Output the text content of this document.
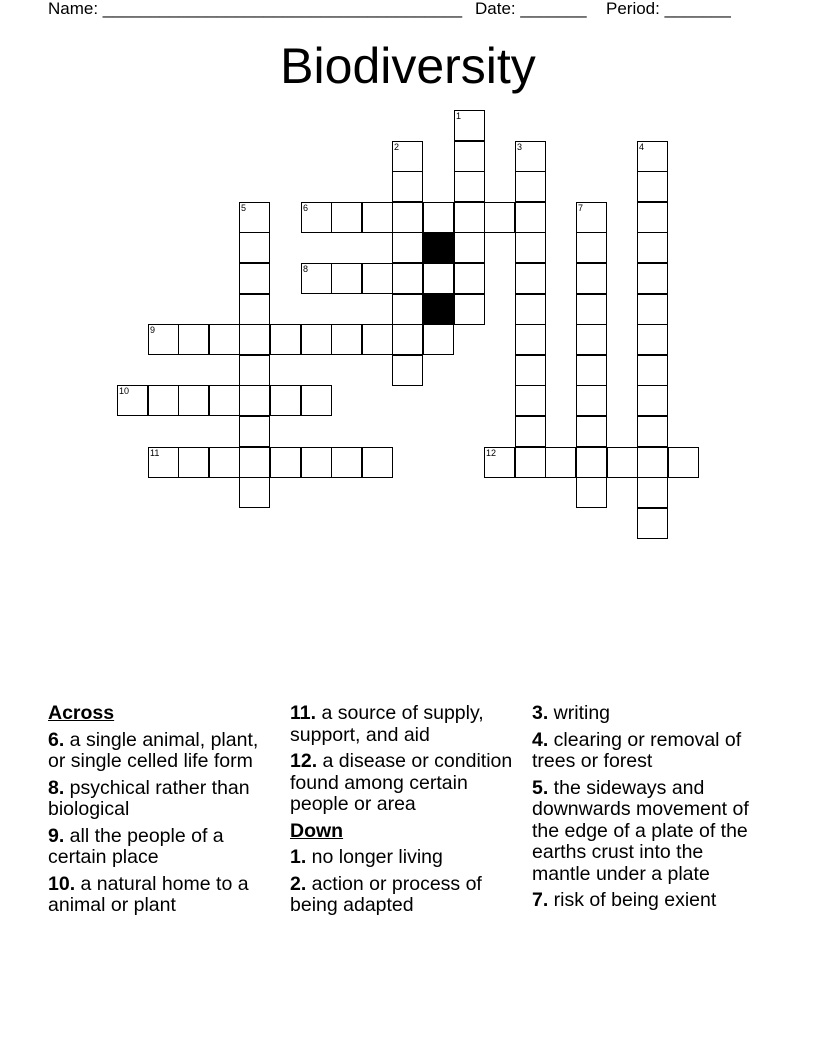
Name: ______________________________________ Date: _______ Period: _______
Biodiversity
1
2	3	4
5	6	7
8
9
10
11	12
Across
6. a single animal, plant, or single celled life form
8. psychical rather than biological
9. all the people of a certain place
10. a natural home to a animal or plant
11. a source of supply, support, and aid
12. a disease or condition found among certain people or area
Down
1. no longer living
2. action or process of being adapted
3. writing
4. clearing or removal of trees or forest
5. the sideways and downwards movement of the edge of a plate of the earths crust into the mantle under a plate
7. risk of being exient
